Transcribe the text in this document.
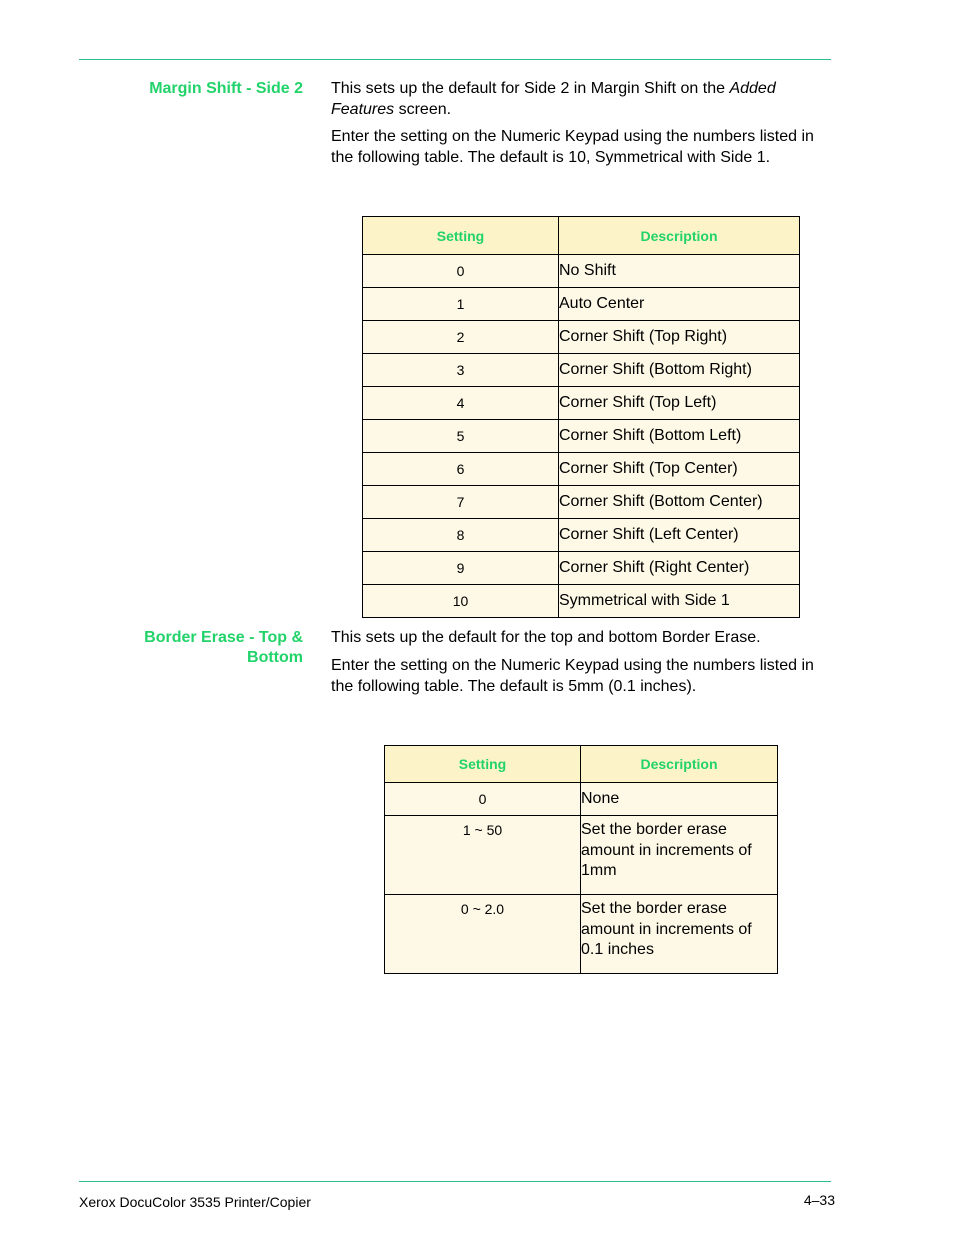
Margin Shift - Side 2 This sets up the default for Side 2 in Margin Shift on the Added Features screen.
Enter the setting on the Numeric Keypad using the numbers listed in the following table. The default is 10, Symmetrical with Side 1.
Setting	Description
0	No Shift
1	Auto Center
2	Corner Shift (Top Right)
3	Corner Shift (Bottom Right)
4	Corner Shift (Top Left)
5	Corner Shift (Bottom Left)
6	Corner Shift (Top Center)
7	Corner Shift (Bottom Center)
8	Corner Shift (Left Center)
9	Corner Shift (Right Center)
10	Symmetrical with Side 1
Border Erase - Top &
Bottom
This sets up the default for the top and bottom Border Erase.
Enter the setting on the Numeric Keypad using the numbers listed in the following table. The default is 5mm (0.1 inches).
Setting	Description
0	None
1 ~ 50	Set the border erase amount in increments of 1mm
0 ~ 2.0	Set the border erase amount in increments of 0.1 inches
Xerox DocuColor 3535 Printer/Copier	4–33
